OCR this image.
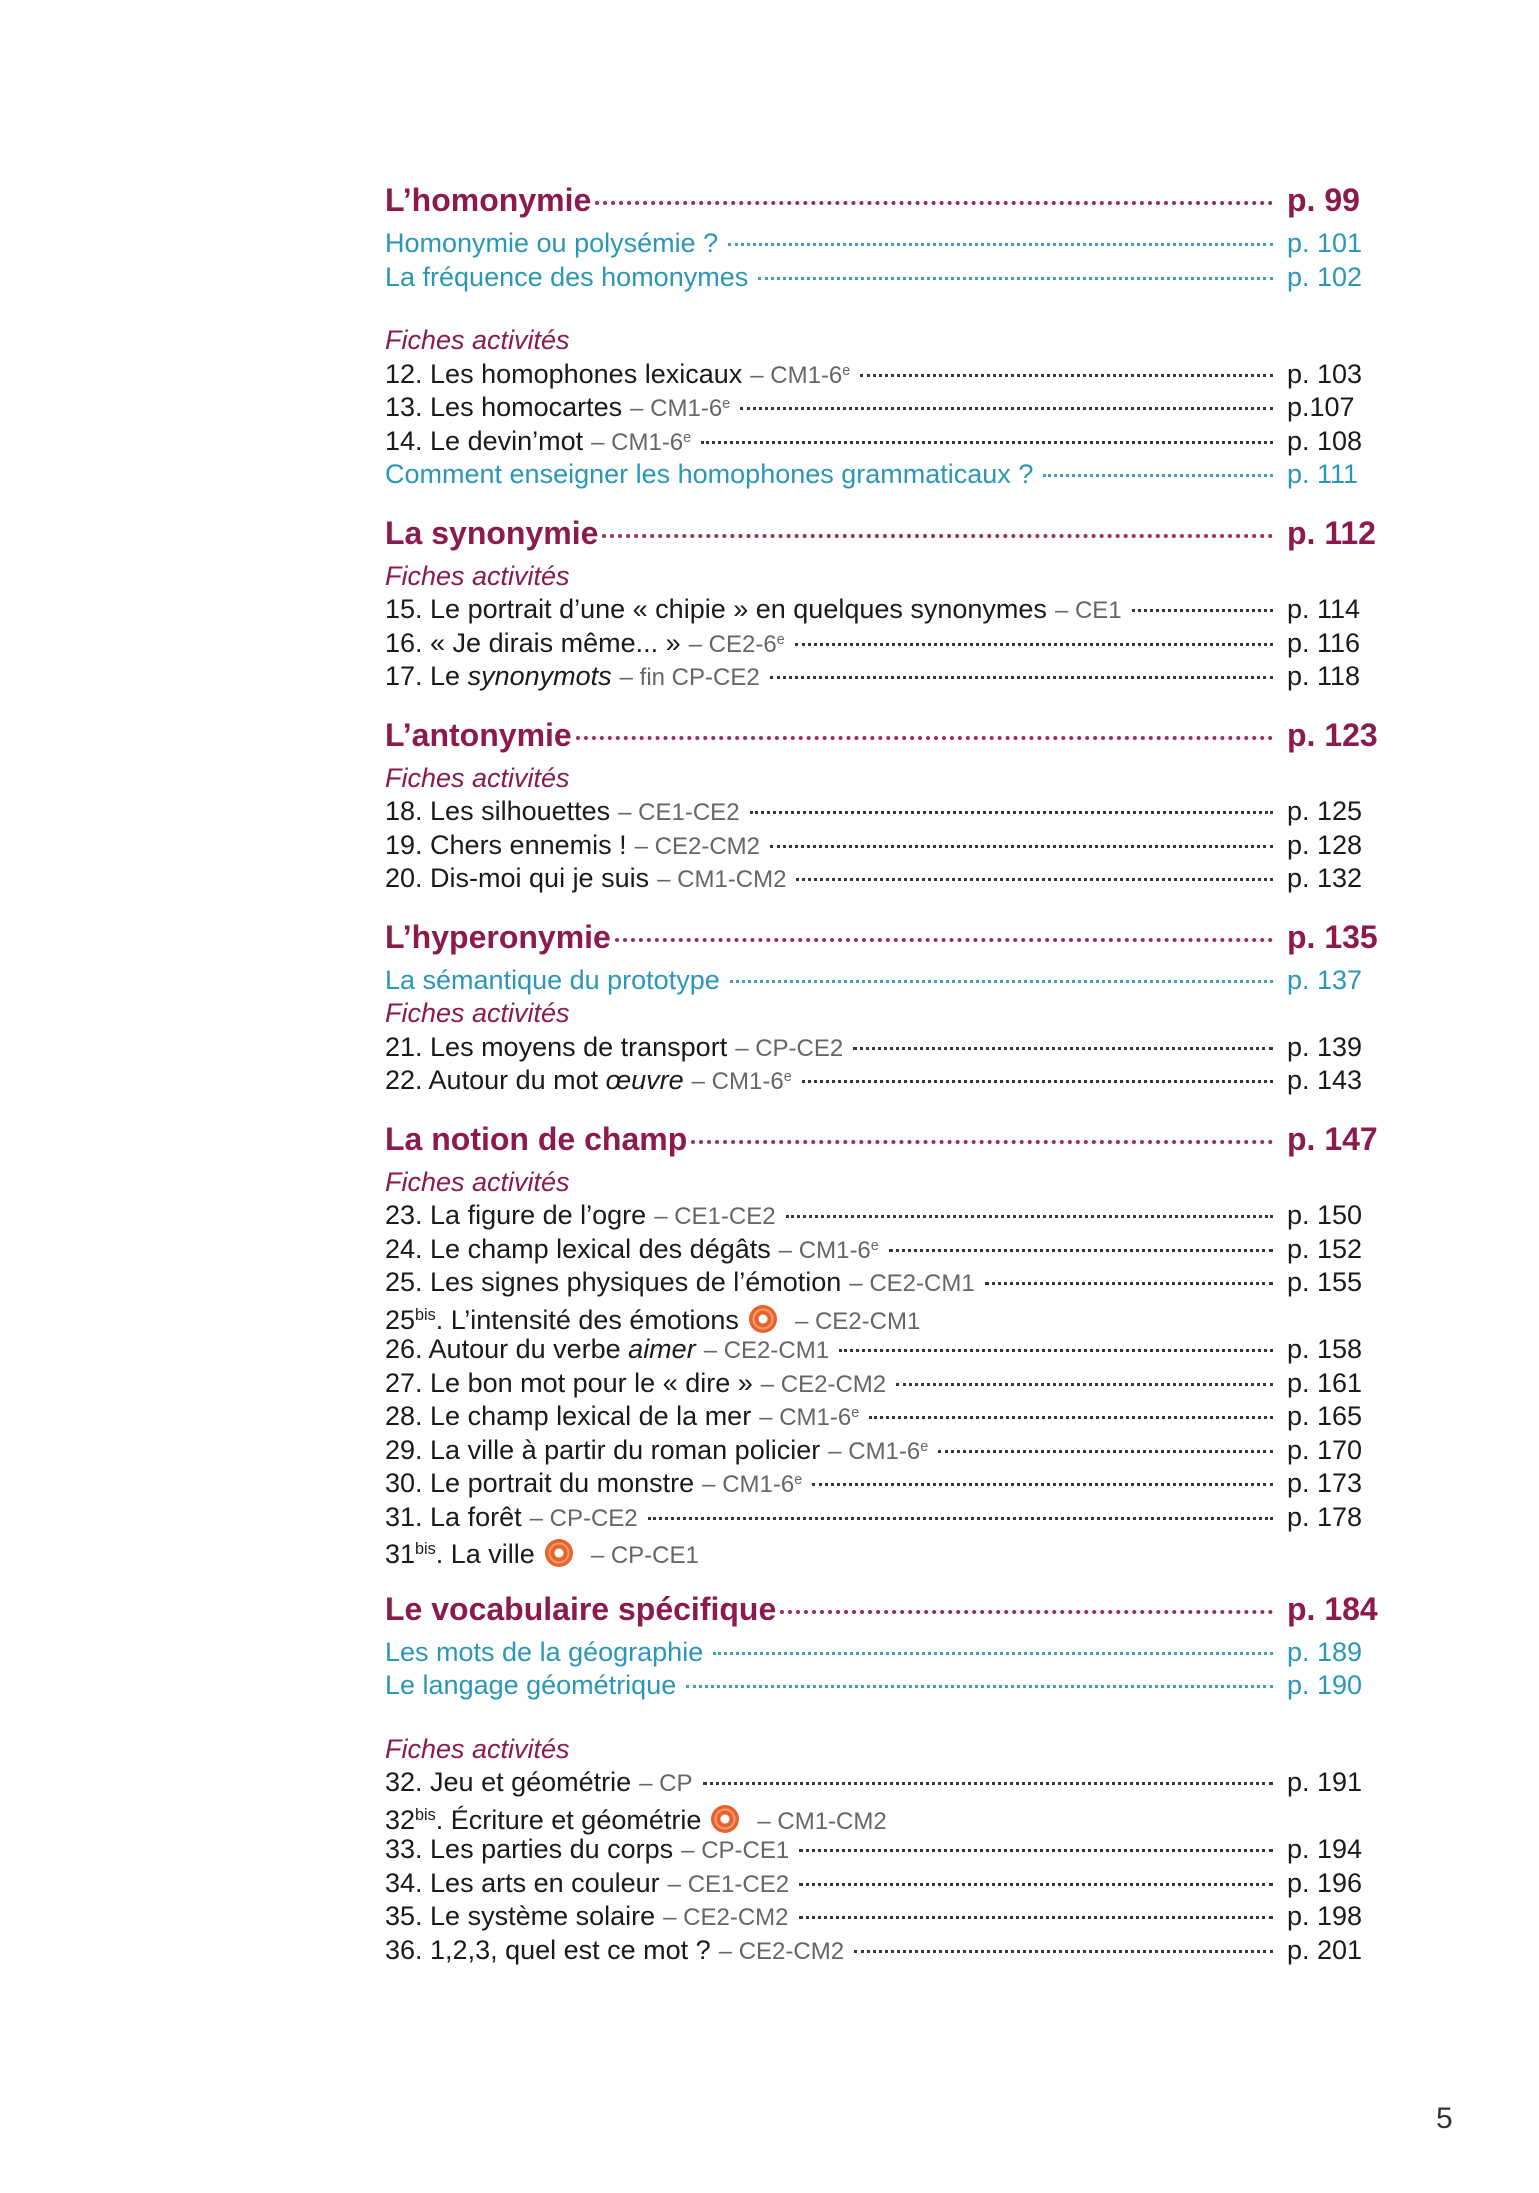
L’homonymie	p. 99
Homonymie ou polysémie ?	p. 101
La fréquence des homonymes	p. 102
Fiches activités
12. Les homophones lexicaux – CM1-6e	p. 103
13. Les homocartes – CM1-6e	p.107
14. Le devin’mot – CM1-6e	p. 108
Comment enseigner les homophones grammaticaux ?	p. 111
La synonymie	p. 112
Fiches activités
15. Le portrait d’une « chipie » en quelques synonymes – CE1	p. 114
16. « Je dirais même... » – CE2-6e	p. 116
17. Le synonymots – fin CP-CE2	p. 118
L’antonymie	p. 123
Fiches activités
18. Les silhouettes – CE1-CE2	p. 125
19. Chers ennemis ! – CE2-CM2	p. 128
20. Dis-moi qui je suis – CM1-CM2	p. 132
L’hyperonymie	p. 135
La sémantique du prototype	p. 137
Fiches activités
21. Les moyens de transport – CP-CE2	p. 139
22. Autour du mot œuvre – CM1-6e	p. 143
La notion de champ	p. 147
Fiches activités
23. La figure de l’ogre – CE1-CE2	p. 150
24. Le champ lexical des dégâts – CM1-6e	p. 152
25. Les signes physiques de l’émotion – CE2-CM1	p. 155
$25^{bis}$. L’intensité des émotions – CE2-CM1
26. Autour du verbe aimer – CE2-CM1	p. 158
27. Le bon mot pour le « dire » – CE2-CM2	p. 161
28. Le champ lexical de la mer – CM1-6e	p. 165
29. La ville à partir du roman policier – CM1-6e	p. 170
30. Le portrait du monstre – CM1-6e	p. 173
31. La forêt – CP-CE2	p. 178
$31^{bis}$. La ville – CP-CE1
Le vocabulaire spécifique	p. 184
Les mots de la géographie	p. 189
Le langage géométrique	p. 190
Fiches activités
32. Jeu et géométrie – CP	p. 191
$32^{bis}$. Écriture et géométrie – CM1-CM2
33. Les parties du corps – CP-CE1	p. 194
34. Les arts en couleur – CE1-CE2	p. 196
35. Le système solaire – CE2-CM2	p. 198
36. 1,2,3, quel est ce mot ? – CE2-CM2	p. 201
5
